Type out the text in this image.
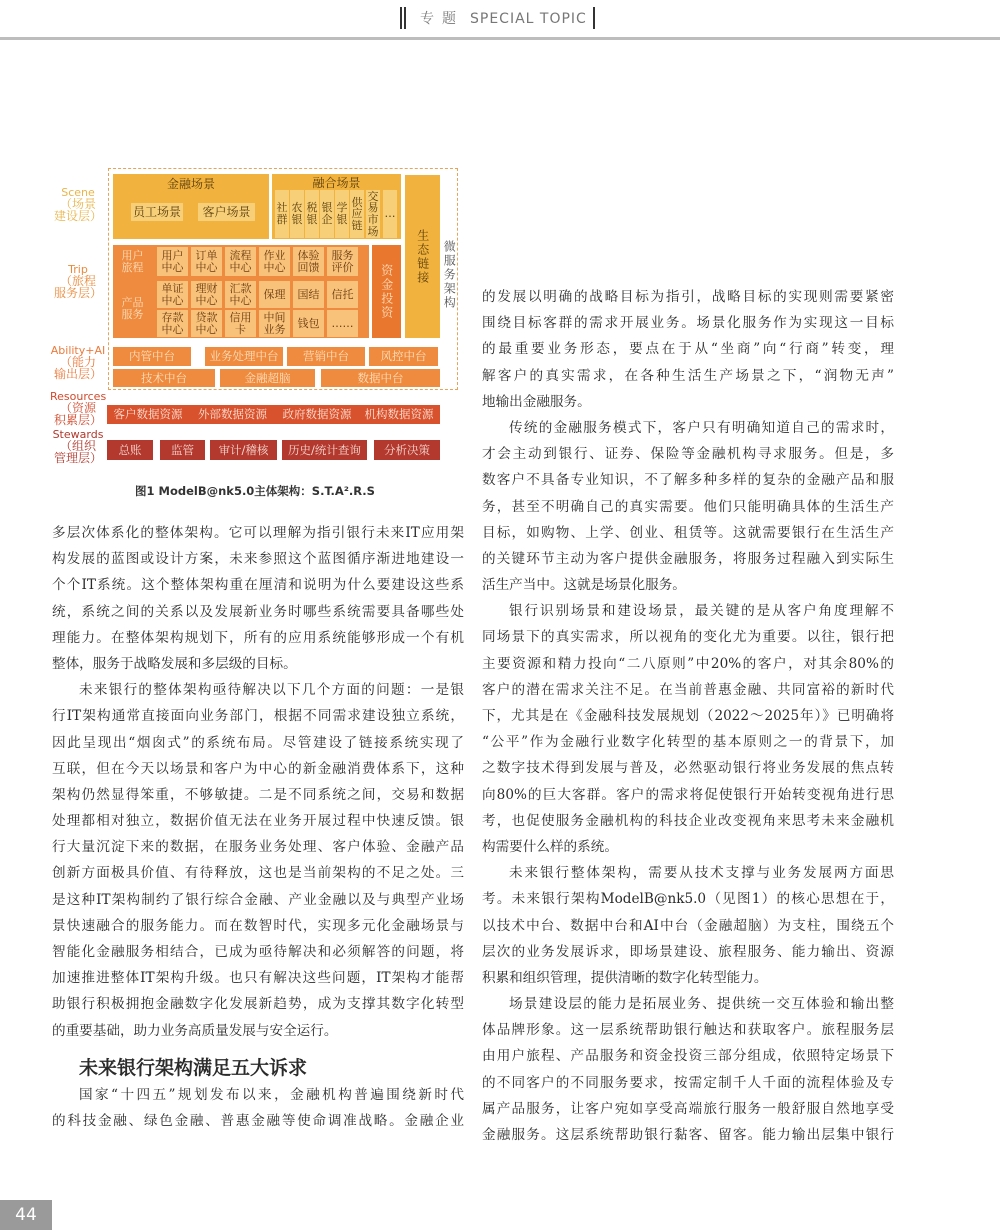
专题 SPECIAL TOPIC
图1 ModelB@nk5.0主体架构：S.T.A².R.S
金融场景
员工场景 客户场景
融合场景
社群
农银
税银
银企
学银
供应链
交易市场
…
生态链接 微服务架构
用户旅程
产品服务
用户中心
订单中心
流程中心
作业中心
体验回馈
服务评价
单证中心
理财中心
汇款中心 保理 国结 信托
存款中心
贷款中心
信用卡
中间业务 钱包 ……
资金投资
内管中台	业务处理中台 营销中台	风控中台
技术中台	金融超脑	数据中台
客户数据资源 外部数据资源 政府数据资源 机构数据资源
总账	监管 审计/稽核 历史/统计查询 分析决策
Scene
（场景
建设层）
Trip
（旅程
服务层）
Ability+AI
（能力
输出层）
Resources
（资源
积累层）
Stewards
（组织
管理层）
多层次体系化的整体架构。它可以理解为指引银行未来IT应用架
构发展的蓝图或设计方案，未来参照这个蓝图循序渐进地建设一
个个IT系统。这个整体架构重在厘清和说明为什么要建设这些系
统，系统之间的关系以及发展新业务时哪些系统需要具备哪些处
理能力。在整体架构规划下，所有的应用系统能够形成一个有机
整体，服务于战略发展和多层级的目标。
未来银行的整体架构亟待解决以下几个方面的问题：一是银
行IT架构通常直接面向业务部门，根据不同需求建设独立系统，
因此呈现出“烟囱式”的系统布局。尽管建设了链接系统实现了
互联，但在今天以场景和客户为中心的新金融消费体系下，这种
架构仍然显得笨重，不够敏捷。二是不同系统之间，交易和数据
处理都相对独立，数据价值无法在业务开展过程中快速反馈。银
行大量沉淀下来的数据，在服务业务处理、客户体验、金融产品
创新方面极具价值、有待释放，这也是当前架构的不足之处。三
是这种IT架构制约了银行综合金融、产业金融以及与典型产业场
景快速融合的服务能力。而在数智时代，实现多元化金融场景与
智能化金融服务相结合，已成为亟待解决和必须解答的问题，将
加速推进整体IT架构升级。也只有解决这些问题，IT架构才能帮
助银行积极拥抱金融数字化发展新趋势，成为支撑其数字化转型
的重要基础，助力业务高质量发展与安全运行。
未来银行架构满足五大诉求
国家“十四五”规划发布以来，金融机构普遍围绕新时代
的科技金融、绿色金融、普惠金融等使命调准战略。金融企业
的发展以明确的战略目标为指引，战略目标的实现则需要紧密
围绕目标客群的需求开展业务。场景化服务作为实现这一目标
的最重要业务形态，要点在于从“坐商”向“行商”转变，理
解客户的真实需求，在各种生活生产场景之下，“润物无声”
地输出金融服务。
传统的金融服务模式下，客户只有明确知道自己的需求时，
才会主动到银行、证券、保险等金融机构寻求服务。但是，多
数客户不具备专业知识，不了解多种多样的复杂的金融产品和服
务，甚至不明确自己的真实需要。他们只能明确具体的生活生产
目标，如购物、上学、创业、租赁等。这就需要银行在生活生产
的关键环节主动为客户提供金融服务，将服务过程融入到实际生
活生产当中。这就是场景化服务。
银行识别场景和建设场景，最关键的是从客户角度理解不
同场景下的真实需求，所以视角的变化尤为重要。以往，银行把
主要资源和精力投向“二八原则”中20%的客户，对其余80%的
客户的潜在需求关注不足。在当前普惠金融、共同富裕的新时代
下，尤其是在《金融科技发展规划（2022～2025年）》已明确将
“公平”作为金融行业数字化转型的基本原则之一的背景下，加
之数字技术得到发展与普及，必然驱动银行将业务发展的焦点转
向80%的巨大客群。客户的需求将促使银行开始转变视角进行思
考，也促使服务金融机构的科技企业改变视角来思考未来金融机
构需要什么样的系统。
未来银行整体架构，需要从技术支撑与业务发展两方面思
考。未来银行架构ModelB@nk5.0（见图1）的核心思想在于，
以技术中台、数据中台和AI中台（金融超脑）为支柱，围绕五个
层次的业务发展诉求，即场景建设、旅程服务、能力输出、资源
积累和组织管理，提供清晰的数字化转型能力。
场景建设层的能力是拓展业务、提供统一交互体验和输出整
体品牌形象。这一层系统帮助银行触达和获取客户。旅程服务层
由用户旅程、产品服务和资金投资三部分组成，依照特定场景下
的不同客户的不同服务要求，按需定制千人千面的流程体验及专
属产品服务，让客户宛如享受高端旅行服务一般舒服自然地享受
金融服务。这层系统帮助银行黏客、留客。能力输出层集中银行
44
